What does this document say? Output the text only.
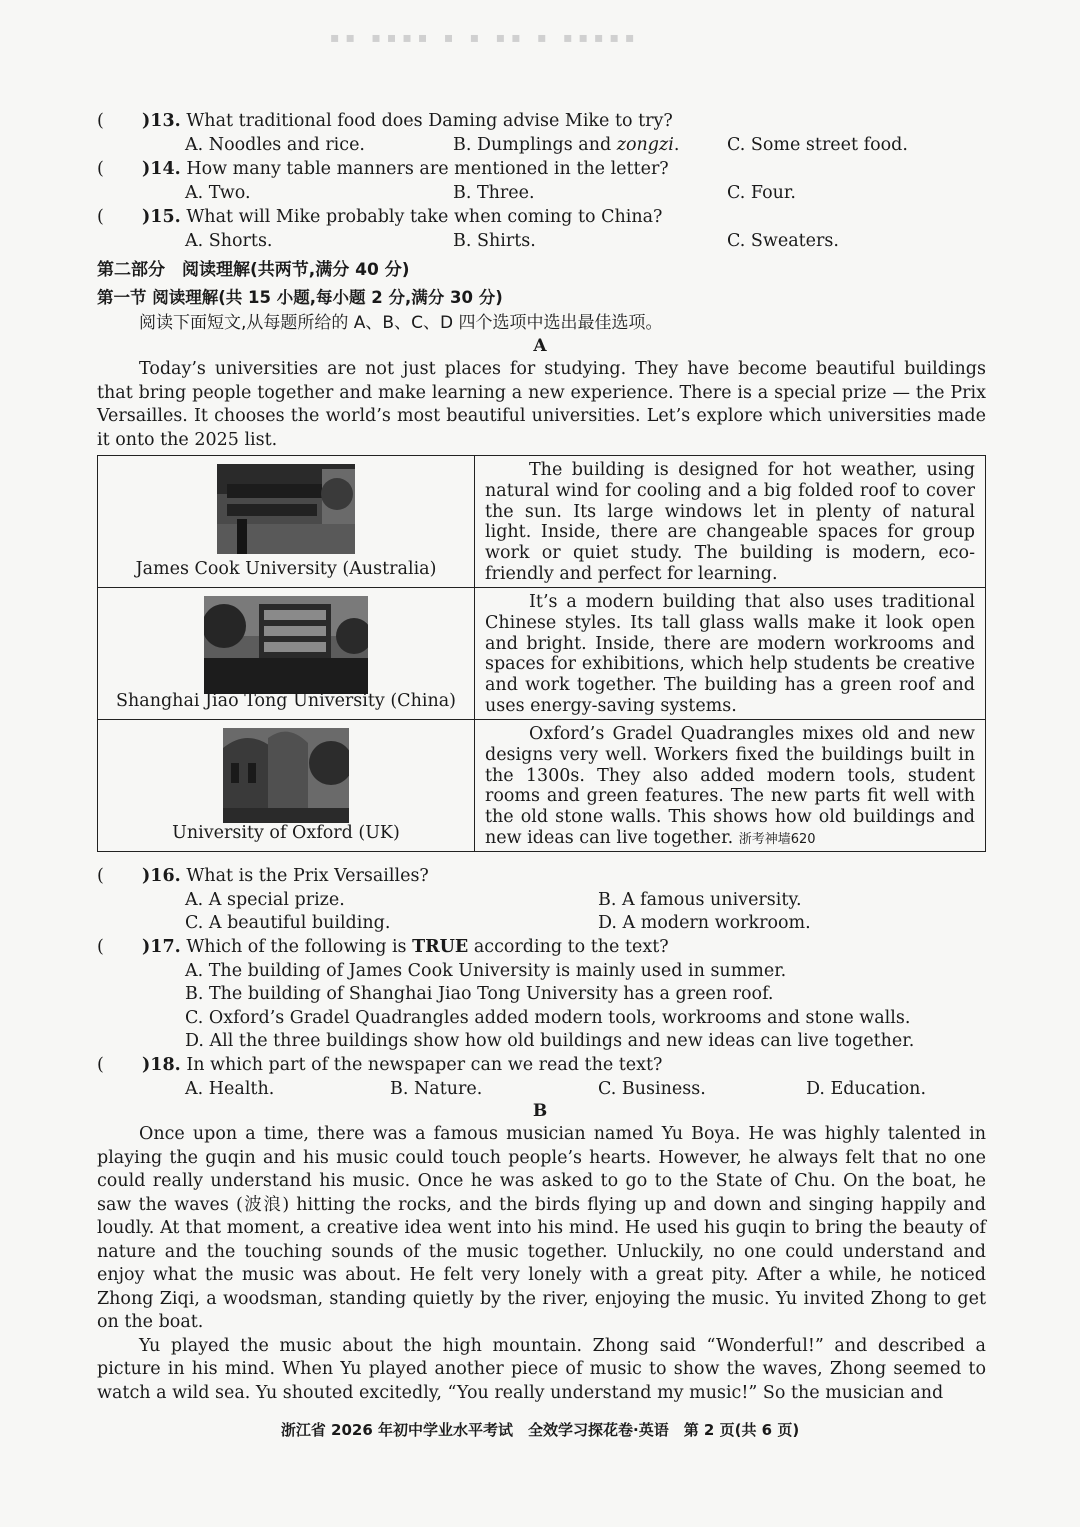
▪▪ ▪▪▪▪ ▪ ▪ ▪▪ ▪ ▪▪▪▪▪
( )13. What traditional food does Daming advise Mike to try?
A. Noodles and rice.	B. Dumplings and zongzi.	C. Some street food.
( )14. How many table manners are mentioned in the letter?
A. Two.	B. Three.	C. Four.
( )15. What will Mike probably take when coming to China?
A. Shorts.	B. Shirts.	C. Sweaters.
第二部分　阅读理解(共两节,满分 40 分)
第一节 阅读理解(共 15 小题,每小题 2 分,满分 30 分)
阅读下面短文,从每题所给的 A、B、C、D 四个选项中选出最佳选项。
A

Today’s universities are not just places for studying. They have become beautiful buildings that bring people together and make learning a new experience. There is a special prize — the Prix Versailles. It chooses the world’s most beautiful universities. Let’s explore which universities made it onto the 2025 list.

James Cook University (Australia)	The building is designed for hot weather, using natural wind for cooling and a big folded roof to cover the sun. Its large windows let in plenty of natural light. Inside, there are changeable spaces for group work or quiet study. The building is modern, eco-friendly and perfect for learning.

Shanghai Jiao Tong University (China)	It’s a modern building that also uses traditional Chinese styles. Its tall glass walls make it look open and bright. Inside, there are modern workrooms and spaces for exhibitions, which help students be creative and work together. The building has a green roof and uses energy-saving systems.

University of Oxford (UK)	Oxford’s Gradel Quadrangles mixes old and new designs very well. Workers fixed the buildings built in the 1300s. They also added modern tools, student rooms and green features. The new parts fit well with the old stone walls. This shows how old buildings and new ideas can live together. 浙考神墙620

( )16. What is the Prix Versailles?
A. A special prize.	B. A famous university.
C. A beautiful building.	D. A modern workroom.
( )17. Which of the following is TRUE according to the text?
A. The building of James Cook University is mainly used in summer.
B. The building of Shanghai Jiao Tong University has a green roof.
C. Oxford’s Gradel Quadrangles added modern tools, workrooms and stone walls.
D. All the three buildings show how old buildings and new ideas can live together.
( )18. In which part of the newspaper can we read the text?
A. Health.	B. Nature.	C. Business.	D. Education.
B

Once upon a time, there was a famous musician named Yu Boya. He was highly talented in playing the guqin and his music could touch people’s hearts. However, he always felt that no one could really understand his music. Once he was asked to go to the State of Chu. On the boat, he saw the waves (波浪) hitting the rocks, and the birds flying up and down and singing happily and loudly. At that moment, a creative idea went into his mind. He used his guqin to bring the beauty of nature and the touching sounds of the music together. Unluckily, no one could understand and enjoy what the music was about. He felt very lonely with a great pity. After a while, he noticed Zhong Ziqi, a woodsman, standing quietly by the river, enjoying the music. Yu invited Zhong to get on the boat.

Yu played the music about the high mountain. Zhong said “Wonderful!” and described a picture in his mind. When Yu played another piece of music to show the waves, Zhong seemed to watch a wild sea. Yu shouted excitedly, “You really understand my music!” So the musician and

浙江省 2026 年初中学业水平考试　全效学习探花卷·英语　第 2 页(共 6 页)
